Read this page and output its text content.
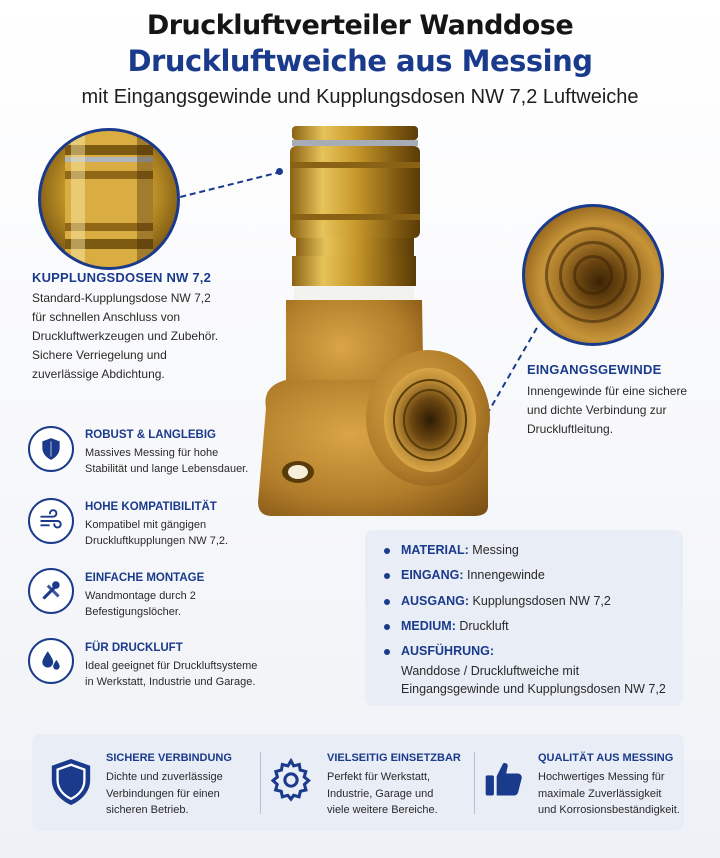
Druckluftverteiler Wanddose
Druckluftweiche aus Messing
mit Eingangsgewinde und Kupplungsdosen NW 7,2 Luftweiche
KUPPLUNGSDOSEN NW 7,2
Standard-Kupplungsdose NW 7,2
für schnellen Anschluss von
Druckluftwerkzeugen und Zubehör.
Sichere Verriegelung und
zuverlässige Abdichtung.	EINGANGSGEWINDE
Innengewinde für eine sichere
und dichte Verbindung zur
Druckluftleitung.
ROBUST & LANGLEBIG
Massives Messing für hohe
Stabilität und lange Lebensdauer.
HOHE KOMPATIBILITÄT
Kompatibel mit gängigen
Druckluftkupplungen NW 7,2.
EINFACHE MONTAGE
Wandmontage durch 2
Befestigungslöcher.
FÜR DRUCKLUFT
Ideal geeignet für Druckluftsysteme
in Werkstatt, Industrie und Garage.
MATERIAL: Messing
EINGANG: Innengewinde
AUSGANG: Kupplungsdosen NW 7,2
MEDIUM: Druckluft
AUSFÜHRUNG:
Wanddose / Druckluftweiche mit
Eingangsgewinde und Kupplungsdosen NW 7,2
SICHERE VERBINDUNG
Dichte und zuverlässige
Verbindungen für einen
sicheren Betrieb.
VIELSEITIG EINSETZBAR
Perfekt für Werkstatt,
Industrie, Garage und
viele weitere Bereiche.
QUALITÄT AUS MESSING
Hochwertiges Messing für
maximale Zuverlässigkeit
und Korrosionsbeständigkeit.
